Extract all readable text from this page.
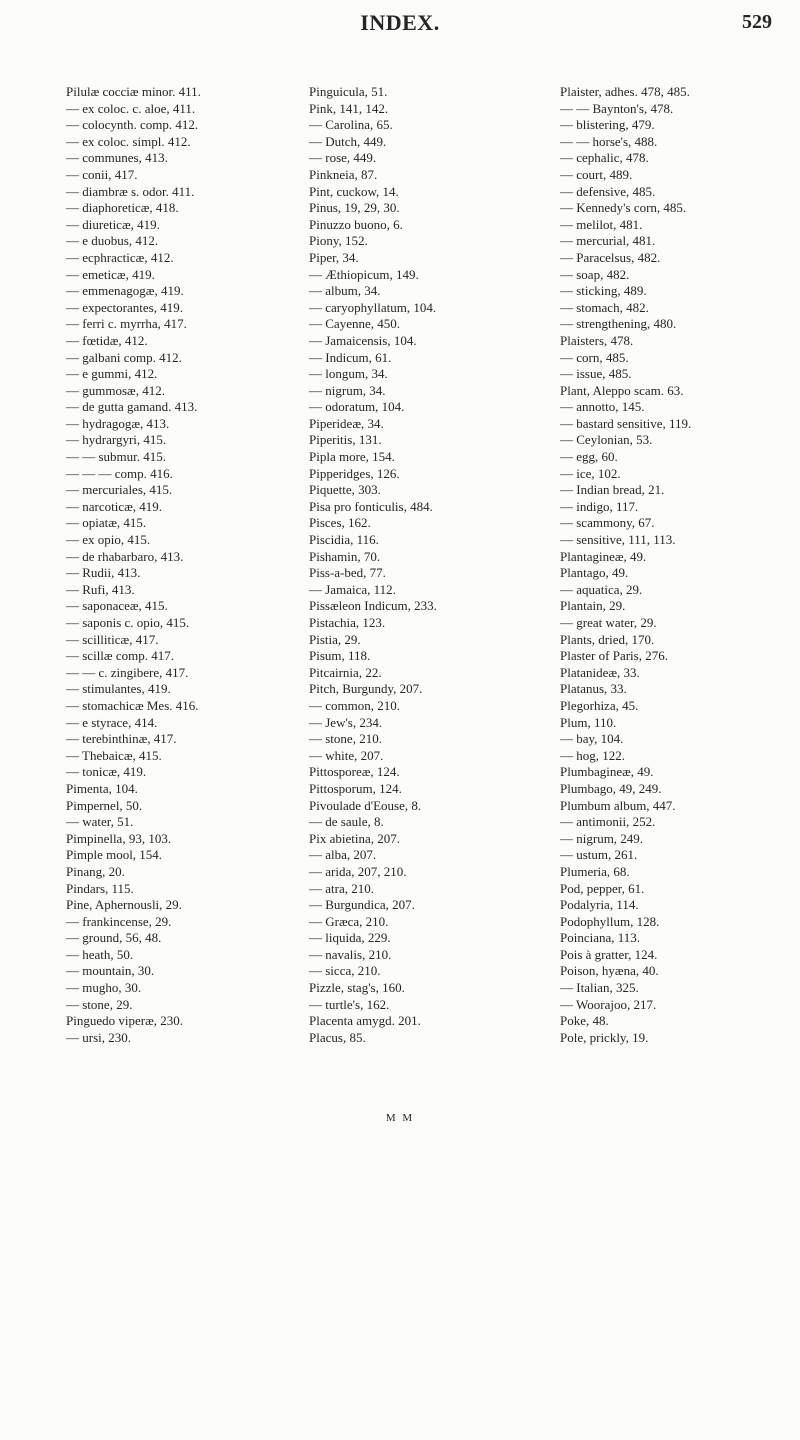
INDEX.	529
Pilulæ cocciæ minor. 411.
— ex coloc. c. aloe, 411.
— colocynth. comp. 412.
— ex coloc. simpl. 412.
— communes, 413.
— conii, 417.
— diambræ s. odor. 411.
— diaphoreticæ, 418.
— diureticæ, 419.
— e duobus, 412.
— ecphracticæ, 412.
— emeticæ, 419.
— emmenagogæ, 419.
— expectorantes, 419.
— ferri c. myrrha, 417.
— fœtidæ, 412.
— galbani comp. 412.
— e gummi, 412.
— gummosæ, 412.
— de gutta gamand. 413.
— hydragogæ, 413.
— hydrargyri, 415.
— — submur. 415.
— — — comp. 416.
— mercuriales, 415.
— narcoticæ, 419.
— opiatæ, 415.
— ex opio, 415.
— de rhabarbaro, 413.
— Rudii, 413.
— Rufi, 413.
— saponaceæ, 415.
— saponis c. opio, 415.
— scilliticæ, 417.
— scillæ comp. 417.
— — c. zingibere, 417.
— stimulantes, 419.
— stomachicæ Mes. 416.
— e styrace, 414.
— terebinthinæ, 417.
— Thebaicæ, 415.
— tonicæ, 419.
Pimenta, 104.
Pimpernel, 50.
— water, 51.
Pimpinella, 93, 103.
Pimple mool, 154.
Pinang, 20.
Pindars, 115.
Pine, Aphernousli, 29.
— frankincense, 29.
— ground, 56, 48.
— heath, 50.
— mountain, 30.
— mugho, 30.
— stone, 29.
Pinguedo viperæ, 230.
— ursi, 230.
Pinguicula, 51.
Pink, 141, 142.
— Carolina, 65.
— Dutch, 449.
— rose, 449.
Pinkneia, 87.
Pint, cuckow, 14.
Pinus, 19, 29, 30.
Pinuzzo buono, 6.
Piony, 152.
Piper, 34.
— Æthiopicum, 149.
— album, 34.
— caryophyllatum, 104.
— Cayenne, 450.
— Jamaicensis, 104.
— Indicum, 61.
— longum, 34.
— nigrum, 34.
— odoratum, 104.
Piperideæ, 34.
Piperitis, 131.
Pipla more, 154.
Pipperidges, 126.
Piquette, 303.
Pisa pro fonticulis, 484.
Pisces, 162.
Piscidia, 116.
Pishamin, 70.
Piss-a-bed, 77.
— Jamaica, 112.
Pissæleon Indicum, 233.
Pistachia, 123.
Pistia, 29.
Pisum, 118.
Pitcairnia, 22.
Pitch, Burgundy, 207.
— common, 210.
— Jew's, 234.
— stone, 210.
— white, 207.
Pittosporeæ, 124.
Pittosporum, 124.
Pivoulade d'Eouse, 8.
— de saule, 8.
Pix abietina, 207.
— alba, 207.
— arida, 207, 210.
— atra, 210.
— Burgundica, 207.
— Græca, 210.
— liquida, 229.
— navalis, 210.
— sicca, 210.
Pizzle, stag's, 160.
— turtle's, 162.
Placenta amygd. 201.
Placus, 85.
Plaister, adhes. 478, 485.
— — Baynton's, 478.
— blistering, 479.
— — horse's, 488.
— cephalic, 478.
— court, 489.
— defensive, 485.
— Kennedy's corn, 485.
— melilot, 481.
— mercurial, 481.
— Paracelsus, 482.
— soap, 482.
— sticking, 489.
— stomach, 482.
— strengthening, 480.
Plaisters, 478.
— corn, 485.
— issue, 485.
Plant, Aleppo scam. 63.
— annotto, 145.
— bastard sensitive, 119.
— Ceylonian, 53.
— egg, 60.
— ice, 102.
— Indian bread, 21.
— indigo, 117.
— scammony, 67.
— sensitive, 111, 113.
Plantagineæ, 49.
Plantago, 49.
— aquatica, 29.
Plantain, 29.
— great water, 29.
Plants, dried, 170.
Plaster of Paris, 276.
Platanideæ, 33.
Platanus, 33.
Plegorhiza, 45.
Plum, 110.
— bay, 104.
— hog, 122.
Plumbagineæ, 49.
Plumbago, 49, 249.
Plumbum album, 447.
— antimonii, 252.
— nigrum, 249.
— ustum, 261.
Plumeria, 68.
Pod, pepper, 61.
Podalyria, 114.
Podophyllum, 128.
Poinciana, 113.
Pois à gratter, 124.
Poison, hyæna, 40.
— Italian, 325.
— Woorajoo, 217.
Poke, 48.
Pole, prickly, 19.
M M
